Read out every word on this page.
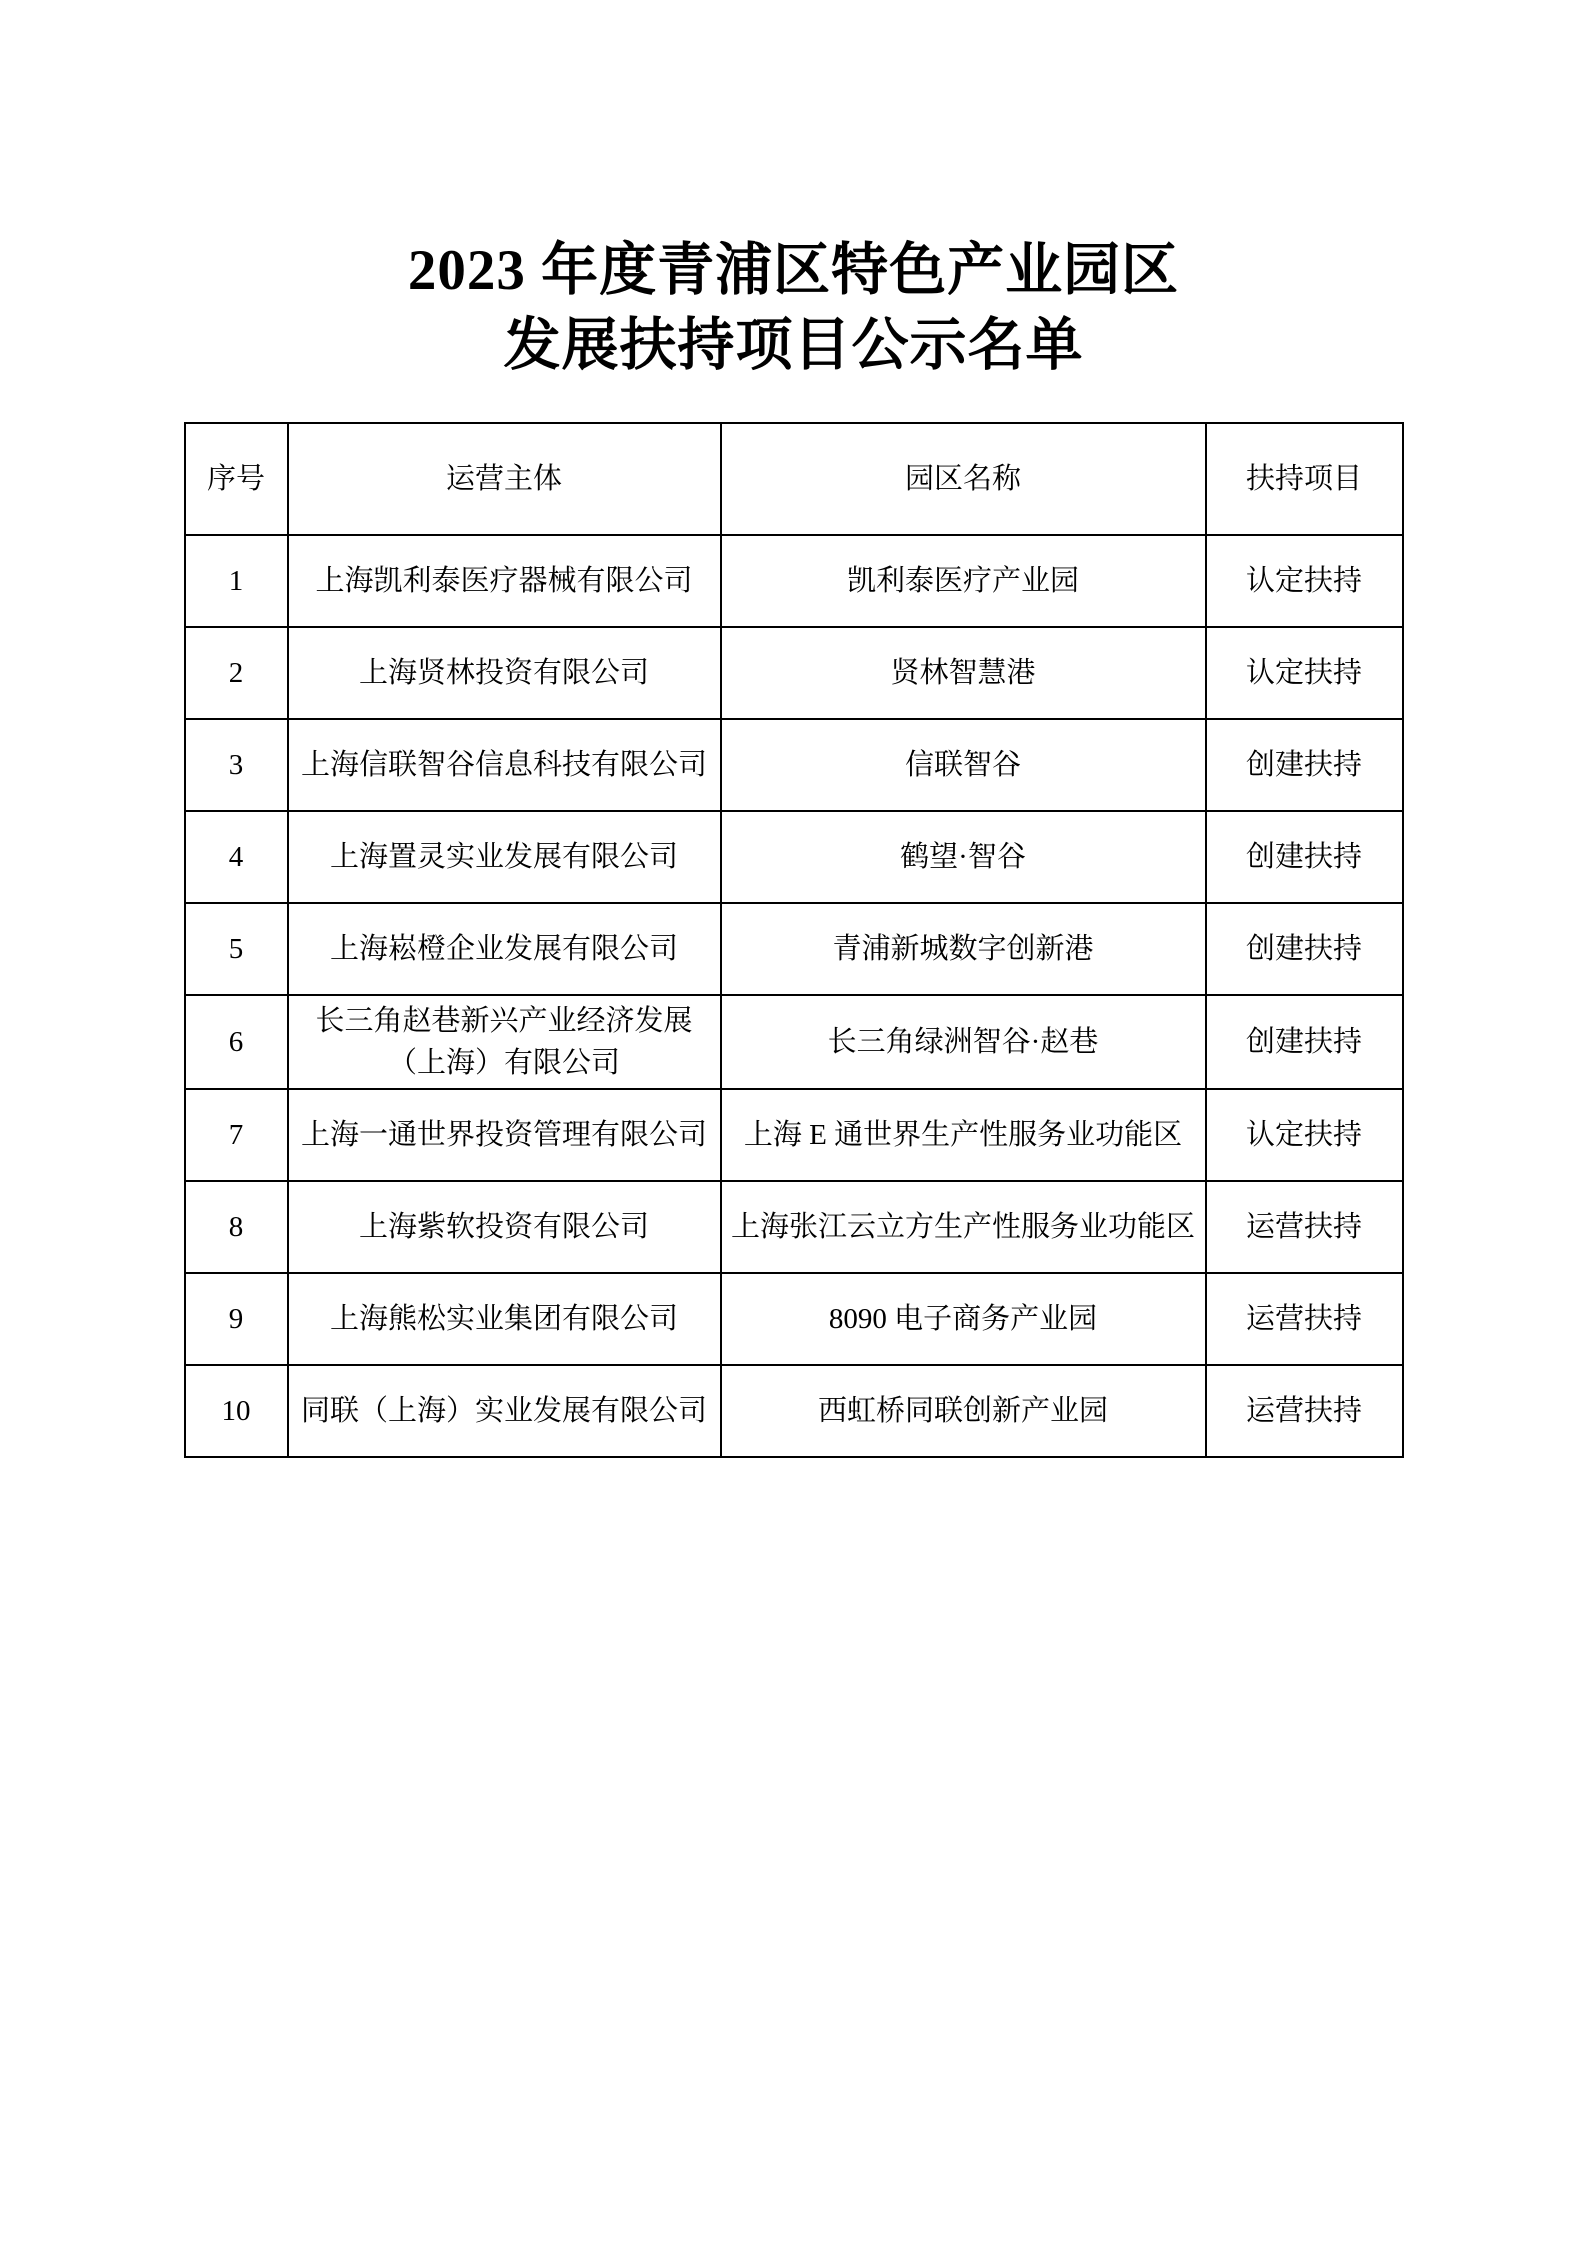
2023 年度青浦区特色产业园区
发展扶持项目公示名单
序号	运营主体	园区名称	扶持项目
1	上海凯利泰医疗器械有限公司	凯利泰医疗产业园	认定扶持
2	上海贤林投资有限公司	贤林智慧港	认定扶持
3	上海信联智谷信息科技有限公司	信联智谷	创建扶持
4	上海置灵实业发展有限公司	鹤望·智谷	创建扶持
5	上海崧橙企业发展有限公司	青浦新城数字创新港	创建扶持
6	长三角赵巷新兴产业经济发展（上海）有限公司	长三角绿洲智谷·赵巷	创建扶持
7	上海一通世界投资管理有限公司	上海 E 通世界生产性服务业功能区	认定扶持
8	上海紫软投资有限公司	上海张江云立方生产性服务业功能区	运营扶持
9	上海熊松实业集团有限公司	8090 电子商务产业园	运营扶持
10	同联（上海）实业发展有限公司	西虹桥同联创新产业园	运营扶持
